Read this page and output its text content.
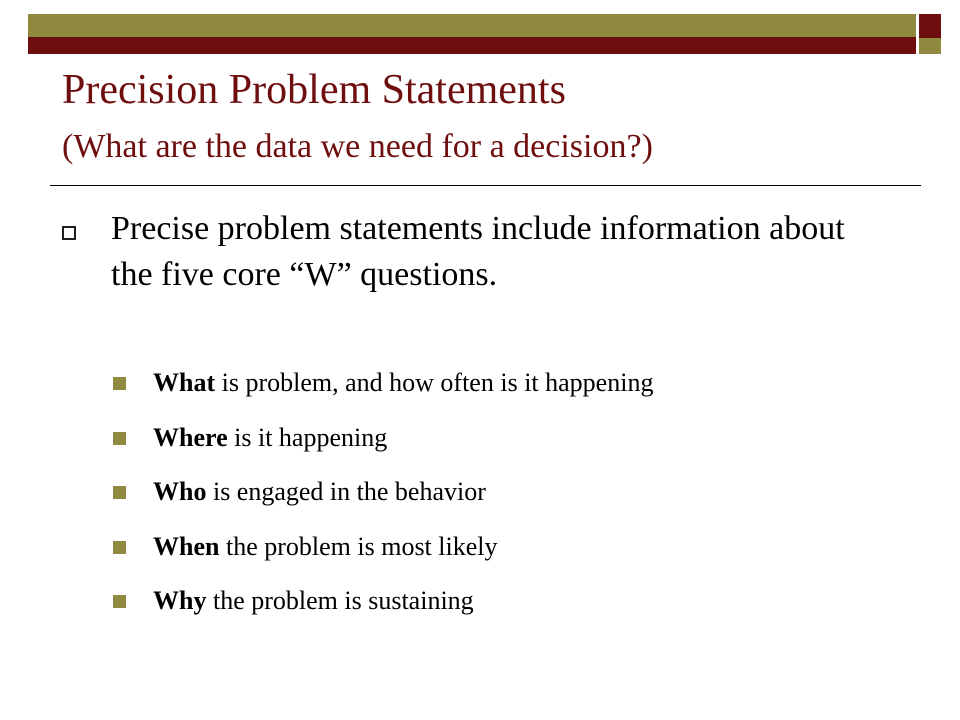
Precision Problem Statements
(What are the data we need for a decision?)
Precise problem statements include information about the five core “W” questions.
What is problem, and how often is it happening
Where is it happening
Who is engaged in the behavior
When the problem is most likely
Why the problem is sustaining
